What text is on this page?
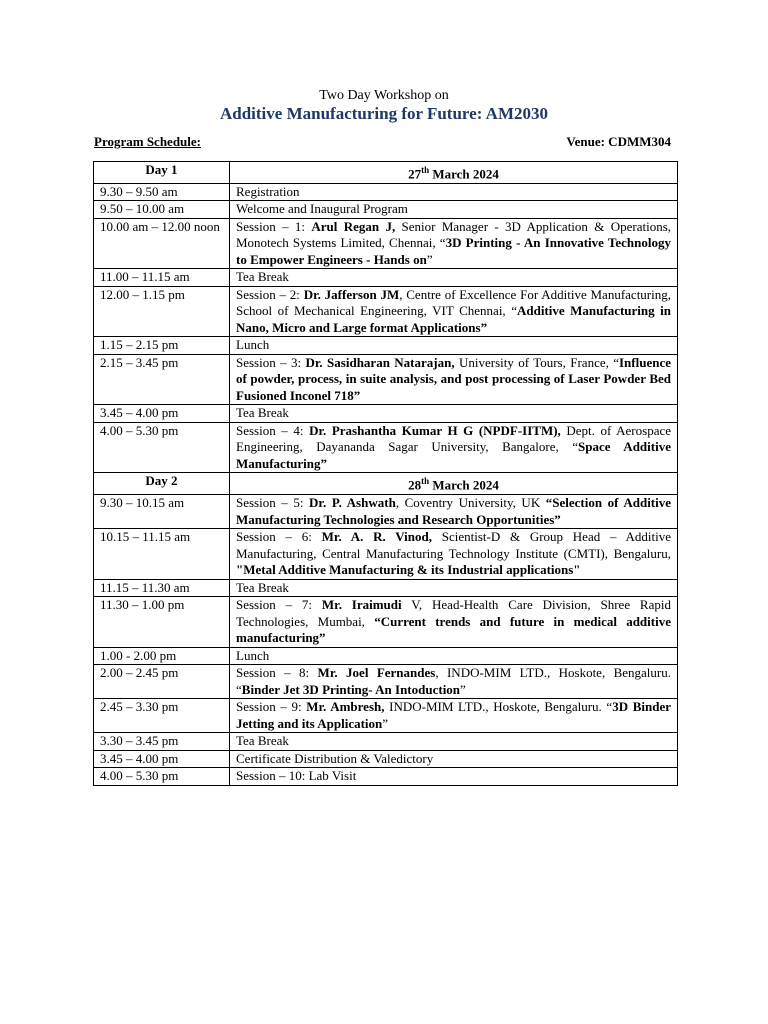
Two Day Workshop on
Additive Manufacturing for Future: AM2030
Program Schedule:	Venue: CDMM304
Day 1	27th March 2024
9.30 – 9.50 am	Registration
9.50 – 10.00 am	Welcome and Inaugural Program
10.00 am – 12.00 noon	Session – 1: Arul Regan J, Senior Manager - 3D Application & Operations, Monotech Systems Limited, Chennai, “3D Printing - An Innovative Technology to Empower Engineers - Hands on”
11.00 – 11.15 am	Tea Break
12.00 – 1.15 pm	Session – 2: Dr. Jafferson JM, Centre of Excellence For Additive Manufacturing, School of Mechanical Engineering, VIT Chennai, “Additive Manufacturing in Nano, Micro and Large format Applications”
1.15 – 2.15 pm	Lunch
2.15 – 3.45 pm	Session – 3: Dr. Sasidharan Natarajan, University of Tours, France, “Influence of powder, process, in suite analysis, and post processing of Laser Powder Bed Fusioned Inconel 718”
3.45 – 4.00 pm	Tea Break
4.00 – 5.30 pm	Session – 4: Dr. Prashantha Kumar H G (NPDF-IITM), Dept. of Aerospace Engineering, Dayananda Sagar University, Bangalore, “Space Additive Manufacturing”
Day 2	28th March 2024
9.30 – 10.15 am	Session – 5: Dr. P. Ashwath, Coventry University, UK “Selection of Additive Manufacturing Technologies and Research Opportunities”
10.15 – 11.15 am	Session – 6: Mr. A. R. Vinod, Scientist-D & Group Head – Additive Manufacturing, Central Manufacturing Technology Institute (CMTI), Bengaluru, "Metal Additive Manufacturing & its Industrial applications"
11.15 – 11.30 am	Tea Break
11.30 – 1.00 pm	Session – 7: Mr. Iraimudi V, Head-Health Care Division, Shree Rapid Technologies, Mumbai, “Current trends and future in medical additive manufacturing”
1.00 - 2.00 pm	Lunch
2.00 – 2.45 pm	Session – 8: Mr. Joel Fernandes, INDO-MIM LTD., Hoskote, Bengaluru. “Binder Jet 3D Printing- An Intoduction”
2.45 – 3.30 pm	Session – 9: Mr. Ambresh, INDO-MIM LTD., Hoskote, Bengaluru. “3D Binder Jetting and its Application”
3.30 – 3.45 pm	Tea Break
3.45 – 4.00 pm	Certificate Distribution & Valedictory
4.00 – 5.30 pm	Session – 10: Lab Visit
